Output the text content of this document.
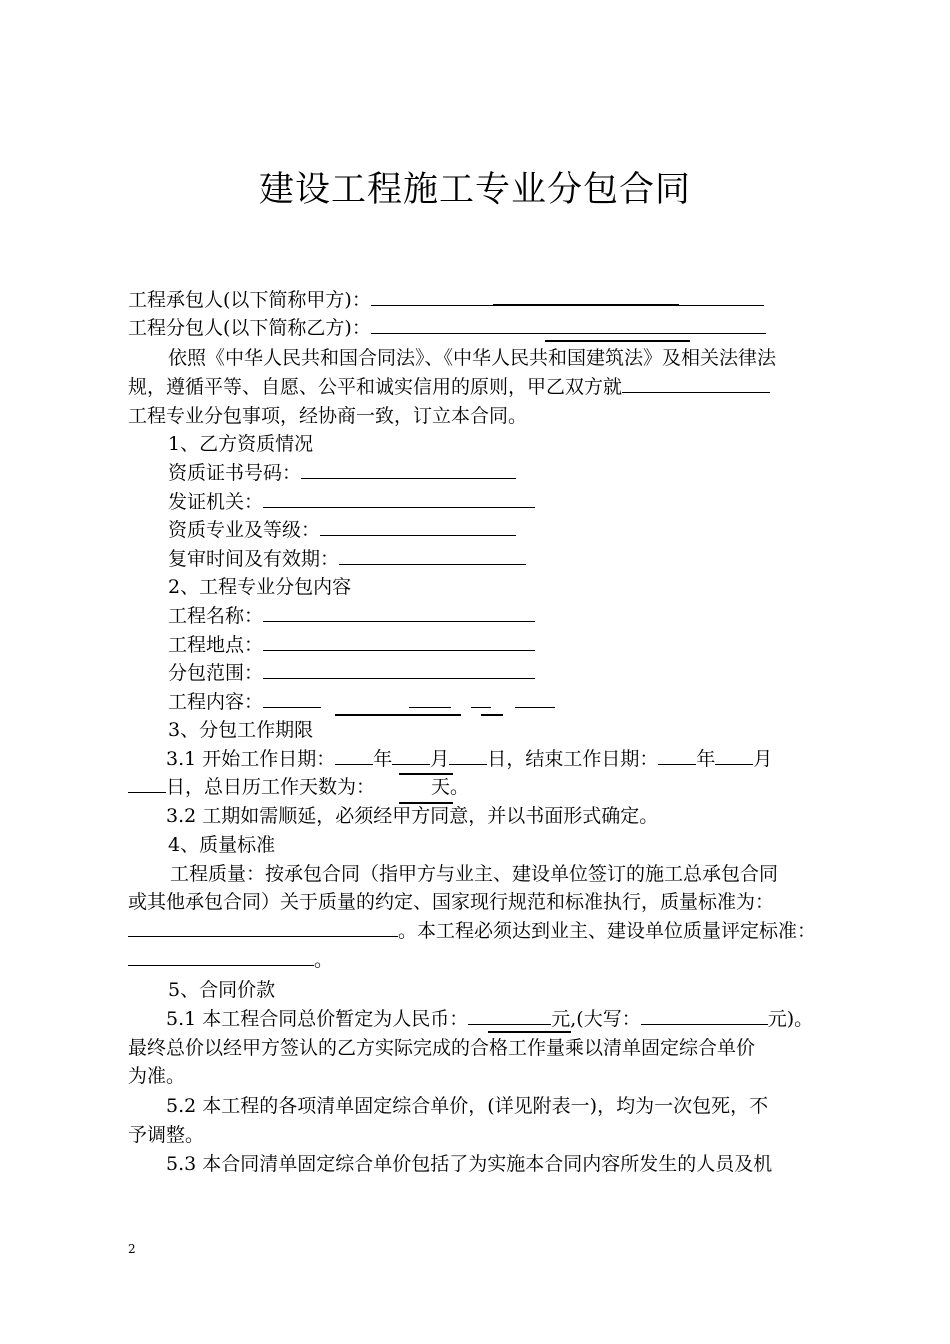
建设工程施工专业分包合同
工程承包人(以下简称甲方)：
工程分包人(以下简称乙方)：
依照《中华人民共和国合同法》、《中华人民共和国建筑法》及相关法律法
规，遵循平等、自愿、公平和诚实信用的原则，甲乙双方就
工程专业分包事项，经协商一致，订立本合同。
1、乙方资质情况
资质证书号码：
发证机关：
资质专业及等级：
复审时间及有效期：
2、工程专业分包内容
工程名称：
工程地点：
分包范围：
工程内容：
3、分包工作期限
3.1 开始工作日期： 年 月 日，结束工作日期： 年 月
日，总日历工作天数为：	天。
3.2 工期如需顺延，必须经甲方同意，并以书面形式确定。
4、质量标准
工程质量：按承包合同（指甲方与业主、建设单位签订的施工总承包合同
或其他承包合同）关于质量的约定、国家现行规范和标准执行，质量标准为：
。本工程必须达到业主、建设单位质量评定标准：
。
5、合同价款
5.1 本工程合同总价暂定为人民币：	元,(大写：	元)。
最终总价以经甲方签认的乙方实际完成的合格工作量乘以清单固定综合单价
为准。
5.2 本工程的各项清单固定综合单价，(详见附表一)，均为一次包死，不
予调整。
5.3 本合同清单固定综合单价包括了为实施本合同内容所发生的人员及机
2
